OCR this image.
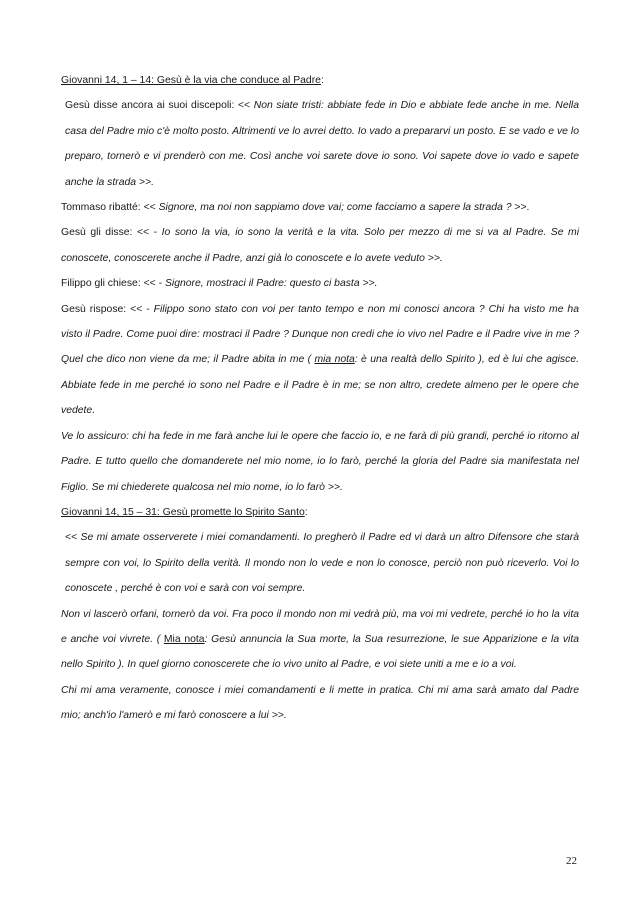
Giovanni 14, 1 – 14: Gesù è la via che conduce al Padre:

Gesù disse ancora ai suoi discepoli: << Non siate tristi: abbiate fede in Dio e abbiate fede anche in me. Nella casa del Padre mio c'è molto posto. Altrimenti ve lo avrei detto. Io vado a prepararvi un posto. E se vado e ve lo preparo, tornerò e vi prenderò con me. Così anche voi sarete dove io sono. Voi sapete dove io vado e sapete anche la strada >>.

Tommaso ribatté: << Signore, ma noi non sappiamo dove vai; come facciamo a sapere la strada ? >>.

Gesù gli disse: << - Io sono la via, io sono la verità e la vita. Solo per mezzo di me si va al Padre. Se mi conoscete, conoscerete anche il Padre, anzi già lo conoscete e lo avete veduto >>.

Filippo gli chiese: << - Signore, mostraci il Padre: questo ci basta >>.

Gesù rispose: << - Filippo sono stato con voi per tanto tempo e non mi conosci ancora ? Chi ha visto me ha visto il Padre. Come puoi dire: mostraci il Padre ? Dunque non credi che io vivo nel Padre e il Padre vive in me ? Quel che dico non viene da me; il Padre abita in me ( mia nota: è una realtà dello Spirito ), ed è lui che agisce. Abbiate fede in me perché io sono nel Padre e il Padre è in me; se non altro, credete almeno per le opere che vedete.

Ve lo assicuro: chi ha fede in me farà anche lui le opere che faccio io, e ne farà di più grandi, perché io ritorno al Padre. E tutto quello che domanderete nel mio nome, io lo farò, perché la gloria del Padre sia manifestata nel Figlio. Se mi chiederete qualcosa nel mio nome, io lo farò >>.

Giovanni 14, 15 – 31: Gesù promette lo Spirito Santo:

<< Se mi amate osserverete i miei comandamenti. Io pregherò il Padre ed vi darà un altro Difensore che starà sempre con voi, lo Spirito della verità. Il mondo non lo vede e non lo conosce, perciò non può riceverlo. Voi lo conoscete , perché è con voi e sarà con voi sempre.

Non vi lascerò orfani, tornerò da voi. Fra poco il mondo non mi vedrà più, ma voi mi vedrete, perché io ho la vita e anche voi vivrete. ( Mia nota: Gesù annuncia la Sua morte, la Sua resurrezione, le sue Apparizione e la vita nello Spirito ). In quel giorno conoscerete che io vivo unito al Padre, e voi siete uniti a me e io a voi.

Chi mi ama veramente, conosce i miei comandamenti e li mette in pratica. Chi mi ama sarà amato dal Padre mio; anch'io l'amerò e mi farò conoscere a lui >>.

22
